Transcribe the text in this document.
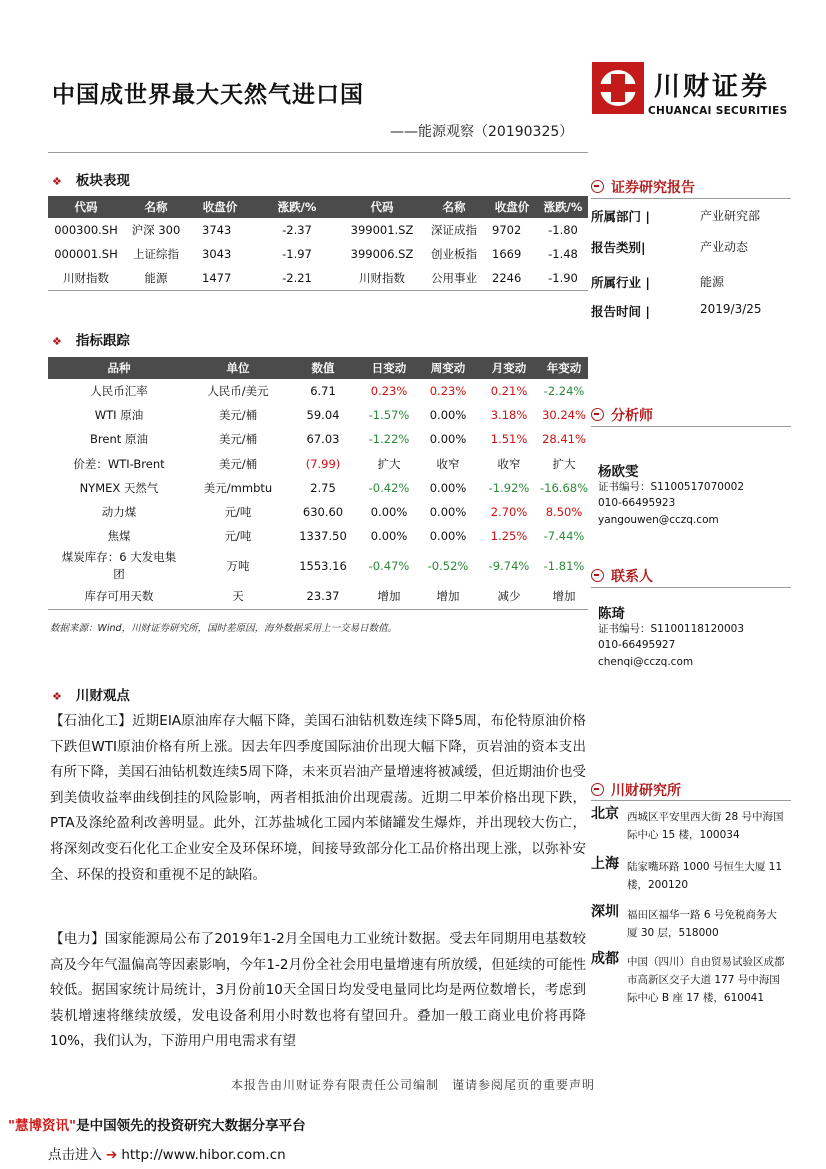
中国成世界最大天然气进口国
——能源观察（20190325）
川财证券
CHUANCAI SECURITIES
❖ 板块表现
代码	名称	收盘价	涨跌/%	代码	名称	收盘价	涨跌/%
000300.SH	沪深 300	3743	-2.37	399001.SZ	深证成指	9702	-1.80
000001.SH	上证综指	3043	-1.97	399006.SZ	创业板指	1669	-1.48
川财指数	能源	1477	-2.21	川财指数	公用事业	2246	-1.90
❖ 指标跟踪
品种	单位	数值	日变动	周变动	月变动	年变动
人民币汇率	人民币/美元	6.71	0.23%	0.23%	0.21%	-2.24%
WTI 原油	美元/桶	59.04	-1.57%	0.00%	3.18%	30.24%
Brent 原油	美元/桶	67.03	-1.22%	0.00%	1.51%	28.41%
价差：WTI-Brent	美元/桶	(7.99)	扩大	收窄	收窄	扩大
NYMEX 天然气	美元/mmbtu	2.75	-0.42%	0.00%	-1.92%	-16.68%
动力煤	元/吨	630.60	0.00%	0.00%	2.70%	8.50%
焦煤	元/吨	1337.50	0.00%	0.00%	1.25%	-7.44%
煤炭库存：6 大发电集团	万吨	1553.16	-0.47%	-0.52%	-9.74%	-1.81%
库存可用天数	天	23.37	增加	增加	减少	增加
数据来源：Wind，川财证券研究所，国时差原因，海外数据采用上一交易日数值。
❖ 川财观点
【石油化工】近期EIA原油库存大幅下降，美国石油钻机数连续下降5周，布伦特原油价格下跌但WTI原油价格有所上涨。因去年四季度国际油价出现大幅下降，页岩油的资本支出有所下降，美国石油钻机数连续5周下降，未来页岩油产量增速将被减缓，但近期油价也受到美债收益率曲线倒挂的风险影响，两者相抵油价出现震荡。近期二甲苯价格出现下跌，PTA及涤纶盈利改善明显。此外，江苏盐城化工园内苯储罐发生爆炸，并出现较大伤亡，将深刻改变石化化工企业安全及环保环境，间接导致部分化工品价格出现上涨，以弥补安全、环保的投资和重视不足的缺陷。
【电力】国家能源局公布了2019年1-2月全国电力工业统计数据。受去年同期用电基数较高及今年气温偏高等因素影响，今年1-2月份全社会用电量增速有所放缓，但延续的可能性较低。据国家统计局统计，3月份前10天全国日均发受电量同比均是两位数增长，考虑到装机增速将继续放缓，发电设备利用小时数也将有望回升。叠加一般工商业电价将再降10%，我们认为，下游用户用电需求有望
证券研究报告
所属部门 |	产业研究部
报告类别|	产业动态
所属行业 |	能源
报告时间 |	2019/3/25
分析师
杨欧雯
证书编号：S1100517070002
010-66495923
yangouwen@cczq.com
联系人
陈琦
证书编号：S1100118120003
010-66495927
chenqi@cczq.com
川财研究所
北京 西城区平安里西大街 28 号中海国际中心 15 楼，100034
上海 陆家嘴环路 1000 号恒生大厦 11 楼，200120
深圳 福田区福华一路 6 号免税商务大厦 30 层，518000
成都 中国（四川）自由贸易试验区成都市高新区交子大道 177 号中海国际中心 B 座 17 楼，610041
本报告由川财证券有限责任公司编制　谨请参阅尾页的重要声明
"慧博资讯"是中国领先的投资研究大数据分享平台
点击进入 ➔ http://www.hibor.com.cn
